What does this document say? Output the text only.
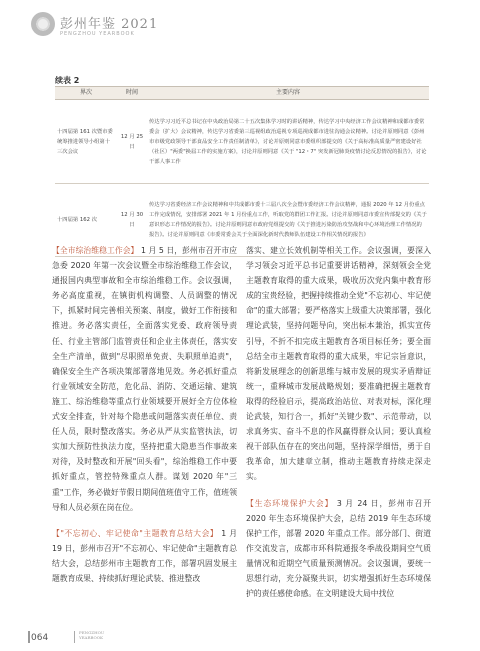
彭州年鉴 2021
PENGZHOU YEARBOOK
续表 2
界次	时间	主要内容
十四届第 161 次暨市委统筹推进领导小组第十三次会议	12 月 25 日	传达学习习近平总书记在中央政治局第二十五次集体学习时的讲话精神，传达学习中央经济工作会议精神和成都市委常委会（扩大）会议精神，传达学习省委第三巡视组政治巡视专项巡视成都市进驻沟通会议精神。讨论并原则同意《彭州市市级党政领导干部食品安全工作责任制清单》，讨论并原则同意市委组织部提交的《关于高标准高质量严密建设好社（社区）"两委"换届工作的实施方案》，讨论并原则同意《关于 "12・7" 突发新冠肺炎疫情讨论反思情况的报告》，讨论干部人事工作
十四届第 162 次	12 月 30 日	传达学习省委经济工作会议精神和中共成都市委十三届八次全会暨市委经济工作会议精神，通报 2020 年 12 月份重点工作完成情况，安排部署 2021 年 1 月份重点工作，听取党的群团工作汇报。讨论并原则同意市委宣传部提交的《关于意识形态工作情况的报告》。讨论并原则同意市政府党组提交的《关于推进污染防治攻坚战和中心环境治理工作情况的报告》。讨论并原则同意《市委常委会关于全面深化新时代教师队伍建设工作相关情况的报告》

【全市综治维稳工作会】 1 月 5 日，彭州市召开市应急委 2020 年第一次会议暨全市综治维稳工作会议，通报国内典型事故和全市综治维稳工作。会议强调，务必高度重视，在镇街机构调整、人员调整的情况下，抓紧时间完善相关预案、制度，做好工作衔接和推进。务必落实责任，全面落实党委、政府领导责任、行业主管部门监管责任和企业主体责任，落实安全生产清单，做到"尽职照单免责、失职照单追责"，确保安全生产各项决策部署落地见效。务必抓好重点行业领域安全防范，危化品、消防、交通运输、建筑施工、综治维稳等重点行业领域要开展好全方位体检式安全排查，针对每个隐患或问题落实责任单位、责任人员，限时整改落实。务必从严从实监管执法，切实加大预防性执法力度，坚持把重大隐患当作事故来对待，及时整改和开展"回头看"，综治维稳工作中要抓好重点，管控特殊重点人群。谋划 2020 年"三重"工作，务必做好节假日期间值班值守工作，值班领导和人员必须在岗在位。

【"不忘初心、牢记使命"主题教育总结大会】 1 月 19 日，彭州市召开"不忘初心、牢记使命"主题教育总结大会，总结彭州市主题教育工作，部署巩固发展主题教育成果、持续抓好理论武装、推进整改

落实、建立长效机制等相关工作。会议强调，要深入学习领会习近平总书记重要讲话精神，深刻领会全党主题教育取得的重大成果，吸收历次党内集中教育形成的宝贵经验，把握持续推动全党"不忘初心、牢记使命"的重大部署；要严格落实上级重大决策部署，强化理论武装，坚持问题导向，突出标本兼治，抓实宣传引导，不折不扣完成主题教育各项目标任务；要全面总结全市主题教育取得的重大成果，牢记宗旨意识，将新发展理念的创新思维与城市发展的现实矛盾辩证统一，重释城市发展战略规划；要准确把握主题教育取得的经验启示，提高政治站位、对表对标，深化理论武装，知行合一，抓好"关键少数"、示范带动，以求真务实、奋斗不息的作风赢得群众认同；要认真检视干部队伍存在的突出问题，坚持深学细悟，勇于自我革命，加大建章立制，推动主题教育持续走深走实。

【生态环境保护大会】 3 月 24 日，彭州市召开 2020 年生态环境保护大会，总结 2019 年生态环境保护工作，部署 2020 年重点工作。部分部门、街道作交流发言，成都市环科院通报冬季战役期间空气质量情况和近期空气质量预测情况。会议强调，要统一思想行动，充分凝聚共识，切实增强抓好生态环境保护的责任感使命感。在文明建设大局中找位

064
PENGZHOU
YEARBOOK
